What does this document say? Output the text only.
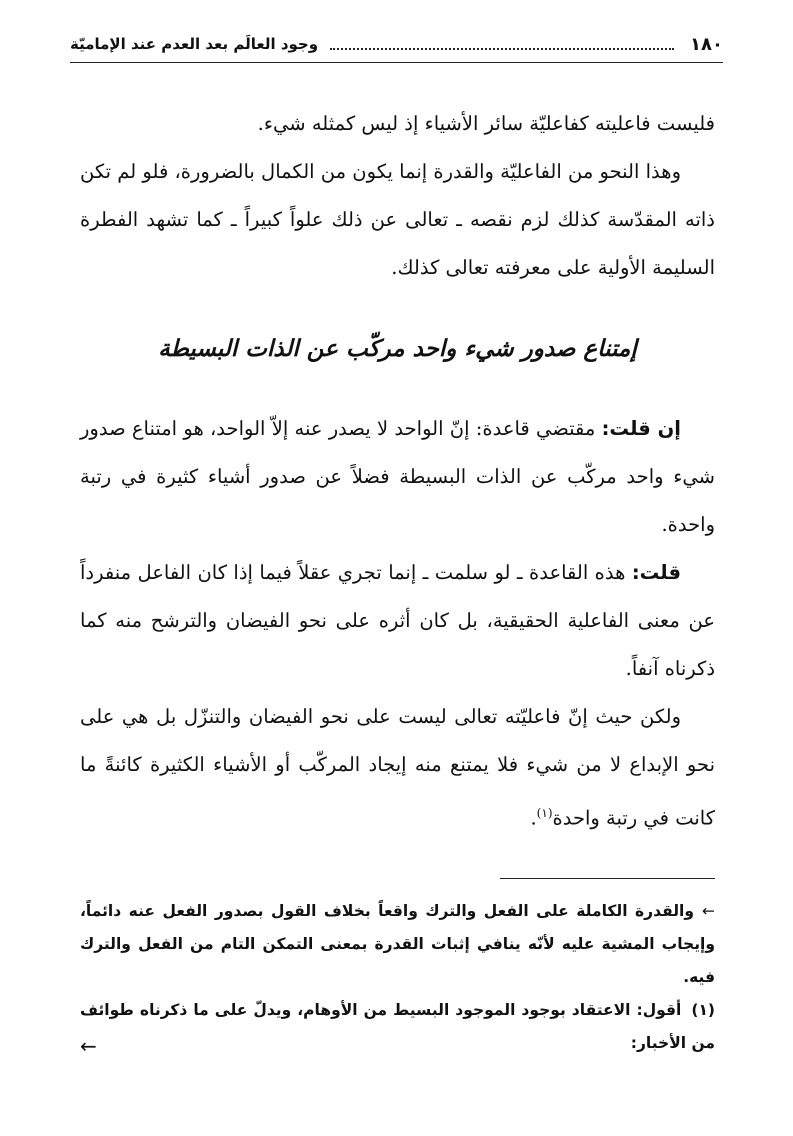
١٨٠
وجود العالَم بعد العدم عند الإماميّة

فليست فاعليته كفاعليّة سائر الأشياء إذ ليس كمثله شيء.

وهذا النحو من الفاعليّة والقدرة إنما يكون من الكمال بالضرورة، فلو لم تكن ذاته المقدّسة كذلك لزم نقصه ـ تعالى عن ذلك علواً كبيراً ـ كما تشهد الفطرة السليمة الأولية على معرفته تعالى كذلك.

إمتناع صدور شيء واحد مركّب عن الذات البسيطة

إن قلت: مقتضي قاعدة: إنّ الواحد لا يصدر عنه إلاّ الواحد، هو امتناع صدور شيء واحد مركّب عن الذات البسيطة فضلاً عن صدور أشياء كثيرة في رتبة واحدة.

قلت: هذه القاعدة ـ لو سلمت ـ إنما تجري عقلاً فيما إذا كان الفاعل منفرداً عن معنى الفاعلية الحقيقية، بل كان أثره على نحو الفيضان والترشح منه كما ذكرناه آنفاً.

ولكن حيث إنّ فاعليّته تعالى ليست على نحو الفيضان والتنزّل بل هي على نحو الإبداع لا من شيء فلا يمتنع منه إيجاد المركّب أو الأشياء الكثيرة كائنةً ما كانت في رتبة واحدة$^{(١)}$.

←والقدرة الكاملة على الفعل والترك واقعاً بخلاف القول بصدور الفعل عنه دائماً، وإيجاب المشية عليه لأنّه ينافي إثبات القدرة بمعنى التمكن التام من الفعل والترك فيه.

(١)أقول: الاعتقاد بوجود الموجود البسيط من الأوهام، ويدلّ على ما ذكرناه طوائف من الأخبار:

←
